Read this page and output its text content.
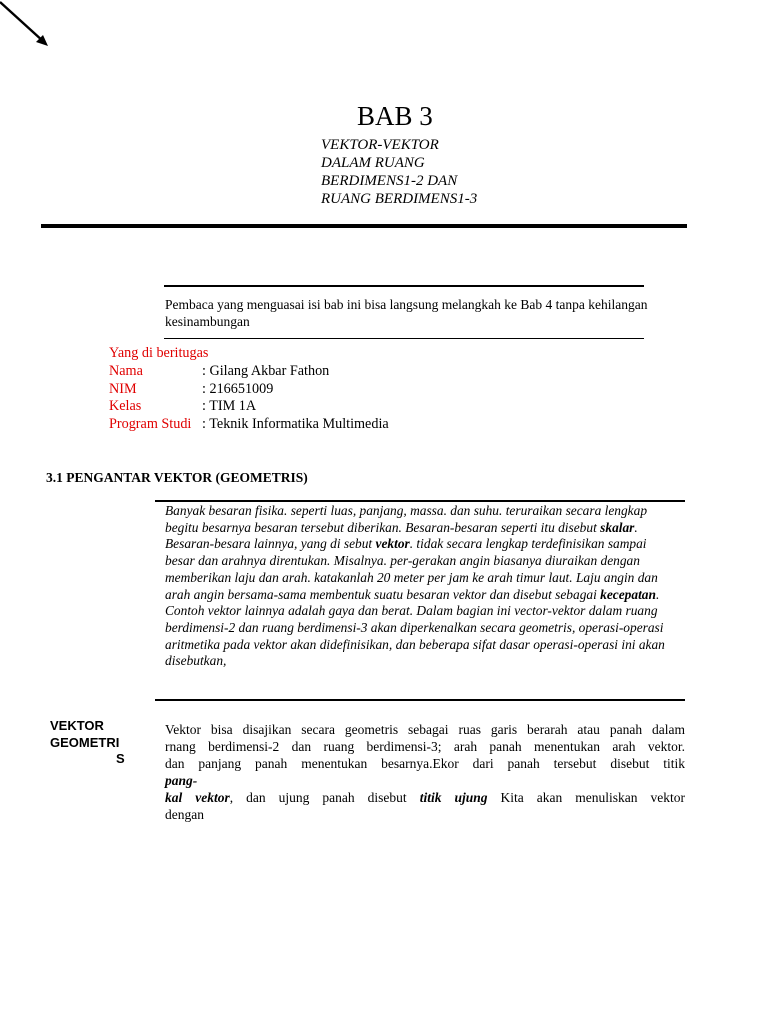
BAB 3
VEKTOR-VEKTOR
DALAM RUANG
BERDIMENS1-2 DAN
RUANG BERDIMENS1-3
Pembaca yang menguasai isi bab ini bisa langsung melangkah ke Bab 4 tanpa kehilangan kesinambungan
Yang di beritugas
Nama	: Gilang Akbar Fathon
NIM	: 216651009
Kelas	: TIM 1A
Program Studi : Teknik Informatika Multimedia
3.1 PENGANTAR VEKTOR (GEOMETRIS)
Banyak besaran fisika. seperti luas, panjang, massa. dan suhu. teruraikan secara lengkap begitu besarnya besaran tersebut diberikan. Besaran-besaran seperti itu disebut skalar. Besaran-besara lainnya, yang di sebut vektor. tidak secara lengkap terdefinisikan sampai besar dan arahnya direntukan. Misalnya. per-gerakan angin biasanya diuraikan dengan memberikan laju dan arah. katakanlah 20 meter per jam ke arah timur laut. Laju angin dan arah angin bersama-sama membentuk suatu besaran vektor dan disebut sebagai kecepatan. Contoh vektor lainnya adalah gaya dan berat. Dalam bagian ini vector-vektor dalam ruang berdimensi-2 dan ruang berdimensi-3 akan diperkenalkan secara geometris, operasi-operasi aritmetika pada vektor akan didefinisikan, dan beberapa sifat dasar operasi-operasi ini akan disebutkan,
VEKTOR
GEOMETRI
S
Vektor bisa disajikan secara geometris sebagai ruas garis berarah atau panah dalam
rnang berdimensi-2 dan ruang berdimensi-3; arah panah menentukan arah vektor.
dan panjang panah menentukan besarnya.Ekor dari panah tersebut disebut titik
pang-
kal vektor, dan ujung panah disebut titik ujung Kita akan menuliskan vektor
dengan
